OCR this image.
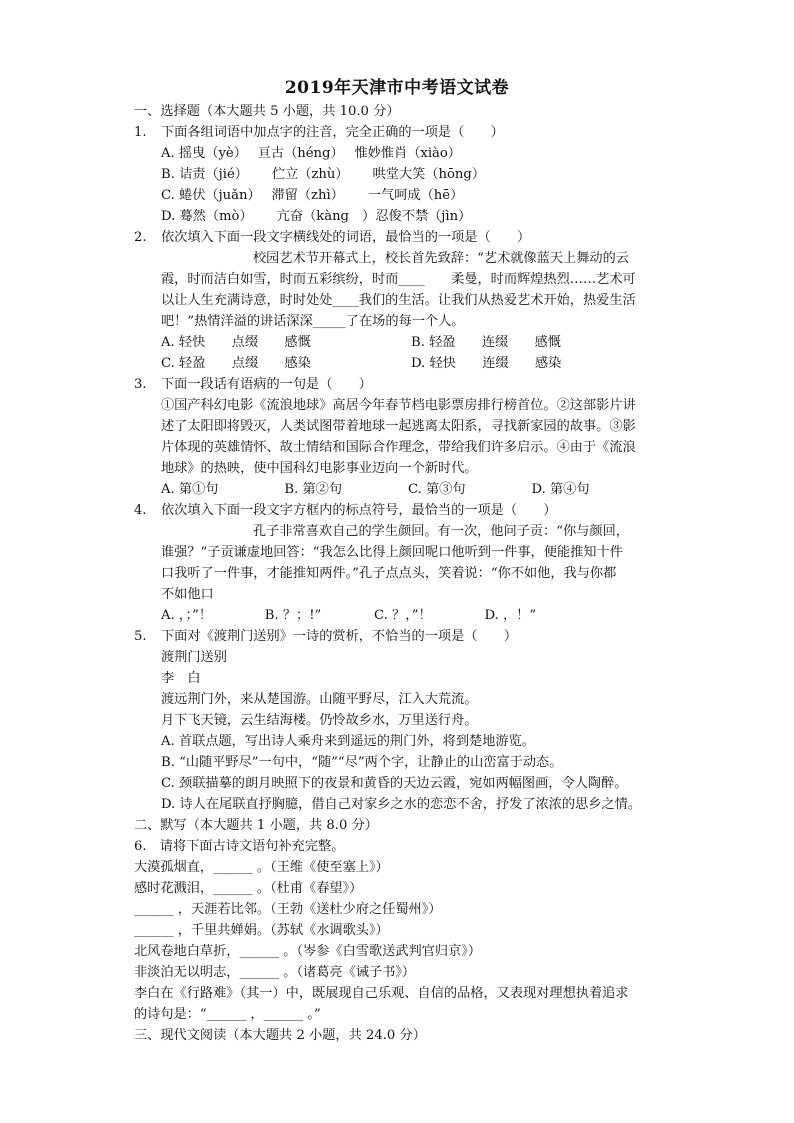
2019年天津市中考语文试卷
一、选择题（本大题共 5 小题，共 10.0 分）
1. 下面各组词语中加点字的注音，完全正确的一项是（　　）
A. 摇曳（yè）　 亘古（héng）　 惟妙惟肖（xiào）
B. 诘责（jié）　　 伫立（zhù）　　 哄堂大笑（hōng）
C. 蜷伏（juǎn）　 滞留（zhì）　　 一气呵成（hē）
D. 蓦然（mò）　　 亢奋（kàng　）忍俊不禁（jìn）
2. 依次填入下面一段文字横线处的词语，最恰当的一项是（　　）
校园艺术节开幕式上，校长首先致辞：“艺术就像蓝天上舞动的云
霞，时而洁白如雪，时而五彩缤纷，时而____　　柔曼，时而辉煌热烈……艺术可
以让人生充满诗意，时时处处____我们的生活。让我们从热爱艺术开始，热爱生活
吧！”热情洋溢的讲话深深_____了在场的每一个人。
A. 轻快　　点缀　　感慨	B. 轻盈　　连缀　　感慨
C. 轻盈　　点缀　　感染	D. 轻快　　连缀　　感染
3. 下面一段话有语病的一句是（　　）
①国产科幻电影《流浪地球》高居今年春节档电影票房排行榜首位。②这部影片讲
述了太阳即将毁灭，人类试图带着地球一起逃离太阳系，寻找新家园的故事。③影
片体现的英雄情怀、故土情结和国际合作理念，带给我们许多启示。④由于《流浪
地球》的热映，使中国科幻电影事业迈向一个新时代。
A. 第①句　　　　　B. 第②句　　　　　C. 第③句　　　　　D. 第④句
4. 依次填入下面一段文字方框内的标点符号，最恰当的一项是（　　）
孔子非常喜欢自己的学生颜回。有一次，他问子贡：“你与颜回，
谁强？”子贡谦虚地回答：“我怎么比得上颜回呢口他听到一件事，便能推知十件
口我听了一件事，才能推知两件。”孔子点点头，笑着说：“你不如他，我与你都
不如他口
A. ，；”！　　　　B. ？；!”　　　　C. ？，”！　　　　D. ，！”
5. 下面对《渡荆门送别》一诗的赏析，不恰当的一项是（　　）
渡荆门送别
李　白
渡远荆门外，来从楚国游。山随平野尽，江入大荒流。
月下飞天镜，云生结海楼。仍怜故乡水，万里送行舟。
A. 首联点题，写出诗人乘舟来到遥远的荆门外，将到楚地游览。
B. “山随平野尽”一句中，“随”“尽”两个字，让静止的山峦富于动态。
C. 颈联描摹的朗月映照下的夜景和黄昏的天边云霞，宛如两幅图画，令人陶醉。
D. 诗人在尾联直抒胸臆，借自己对家乡之水的恋恋不舍，抒发了浓浓的思乡之情。
二、默写（本大题共 1 小题，共 8.0 分）
6.　请将下面古诗文语句补充完整。
大漠孤烟直，______ 。（王维《使至塞上》）
感时花溅泪，______ 。（杜甫《春望》）
______ ，天涯若比邻。（王勃《送杜少府之任蜀州》）
______ ，千里共婵娟。（苏轼《水调歌头》）
北风卷地白草折，______ 。（岑参《白雪歌送武判官归京》）
非淡泊无以明志，______ 。（诸葛亮《诫子书》）
李白在《行路难》（其一）中，既展现自己乐观、自信的品格，又表现对理想执着追求
的诗句是：“______ ，______ 。”
三、现代文阅读（本大题共 2 小题，共 24.0 分）
